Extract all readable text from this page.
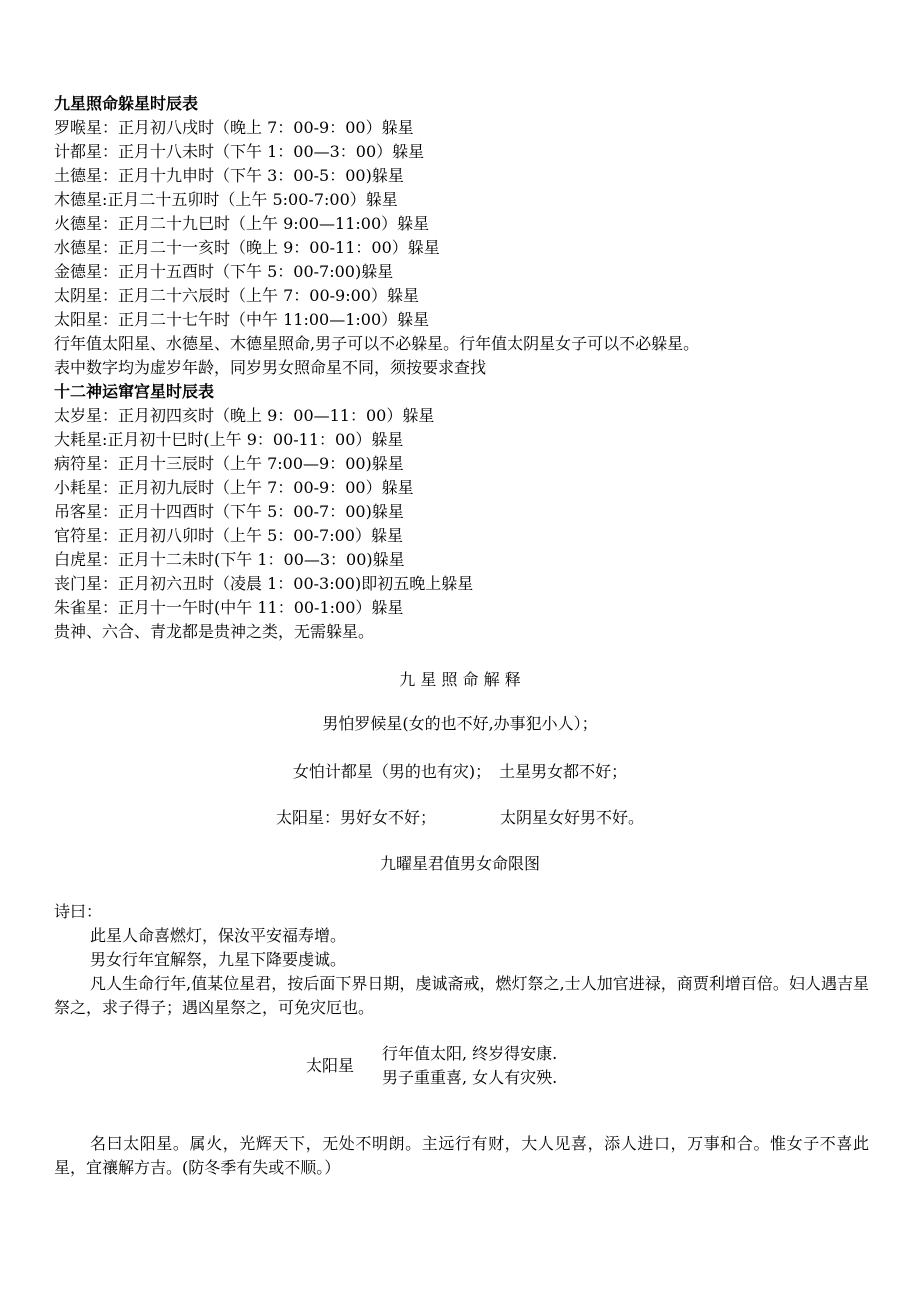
九星照命躲星时辰表
罗喉星：正月初八戌时（晚上 7：00-9：00）躲星
计都星：正月十八未时（下午 1：00—3：00）躲星
土德星：正月十九申时（下午 3：00-5：00)躲星
木德星:正月二十五卯时（上午 5:00-7:00）躲星
火德星：正月二十九巳时（上午 9:00—11:00）躲星
水德星：正月二十一亥时（晚上 9：00-11：00）躲星
金德星：正月十五酉时（下午 5：00-7:00)躲星
太阴星：正月二十六辰时（上午 7：00-9:00）躲星
太阳星：正月二十七午时（中午 11:00—1:00）躲星
行年值太阳星、水德星、木德星照命,男子可以不必躲星。行年值太阴星女子可以不必躲星。
表中数字均为虚岁年龄，同岁男女照命星不同，须按要求查找
十二神运窜宫星时辰表
太岁星：正月初四亥时（晚上 9：00—11：00）躲星
大耗星:正月初十巳时(上午 9：00-11：00）躲星
病符星：正月十三辰时（上午 7:00—9：00)躲星
小耗星：正月初九辰时（上午 7：00-9：00）躲星
吊客星：正月十四酉时（下午 5：00-7：00)躲星
官符星：正月初八卯时（上午 5：00-7:00）躲星
白虎星：正月十二未时(下午 1：00—3：00)躲星
丧门星：正月初六丑时（凌晨 1：00-3:00)即初五晚上躲星
朱雀星：正月十一午时(中午 11：00-1:00）躲星
贵神、六合、青龙都是贵神之类，无需躲星。
九 星 照 命 解 释
男怕罗候星(女的也不好,办事犯小人）；
女怕计都星（男的也有灾)；　土星男女都不好；
太阳星：男好女不好；	太阴星女好男不好。
九曜星君值男女命限图
诗曰：
此星人命喜燃灯，保汝平安福寿增。
男女行年宜解祭，九星下降要虔诚。
凡人生命行年,值某位星君，按后面下界日期，虔诚斋戒，燃灯祭之,士人加官进禄，商贾利增百倍。妇人遇吉星祭之，求子得子；遇凶星祭之，可免灾厄也。
太阳星
行年值太阳, 终岁得安康.
男子重重喜, 女人有灾殃.
名曰太阳星。属火，光辉天下，无处不明朗。主远行有财，大人见喜，添人进口，万事和合。惟女子不喜此星，宜禳解方吉。(防冬季有失或不顺。）
